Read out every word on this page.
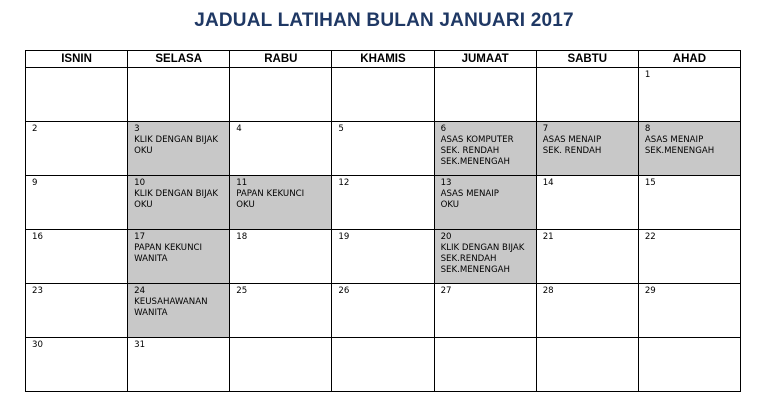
JADUAL LATIHAN BULAN JANUARI 2017
ISNIN	SELASA	RABU	KHAMIS	JUMAAT	SABTU	AHAD

						1

2	3
KLIK DENGAN BIJAK
OKU	4	5	6
ASAS KOMPUTER
SEK. RENDAH
SEK.MENENGAH	7
ASAS MENAIP
SEK. RENDAH	8
ASAS MENAIP
SEK.MENENGAH

9	10
KLIK DENGAN BIJAK
OKU	11
PAPAN KEKUNCI
OKU	12	13
ASAS MENAIP
OKU	14	15

16	17
PAPAN KEKUNCI
WANITA	18	19	20
KLIK DENGAN BIJAK
SEK.RENDAH
SEK.MENENGAH	21	22

23	24
KEUSAHAWANAN
WANITA	25	26	27	28	29

30	31					
